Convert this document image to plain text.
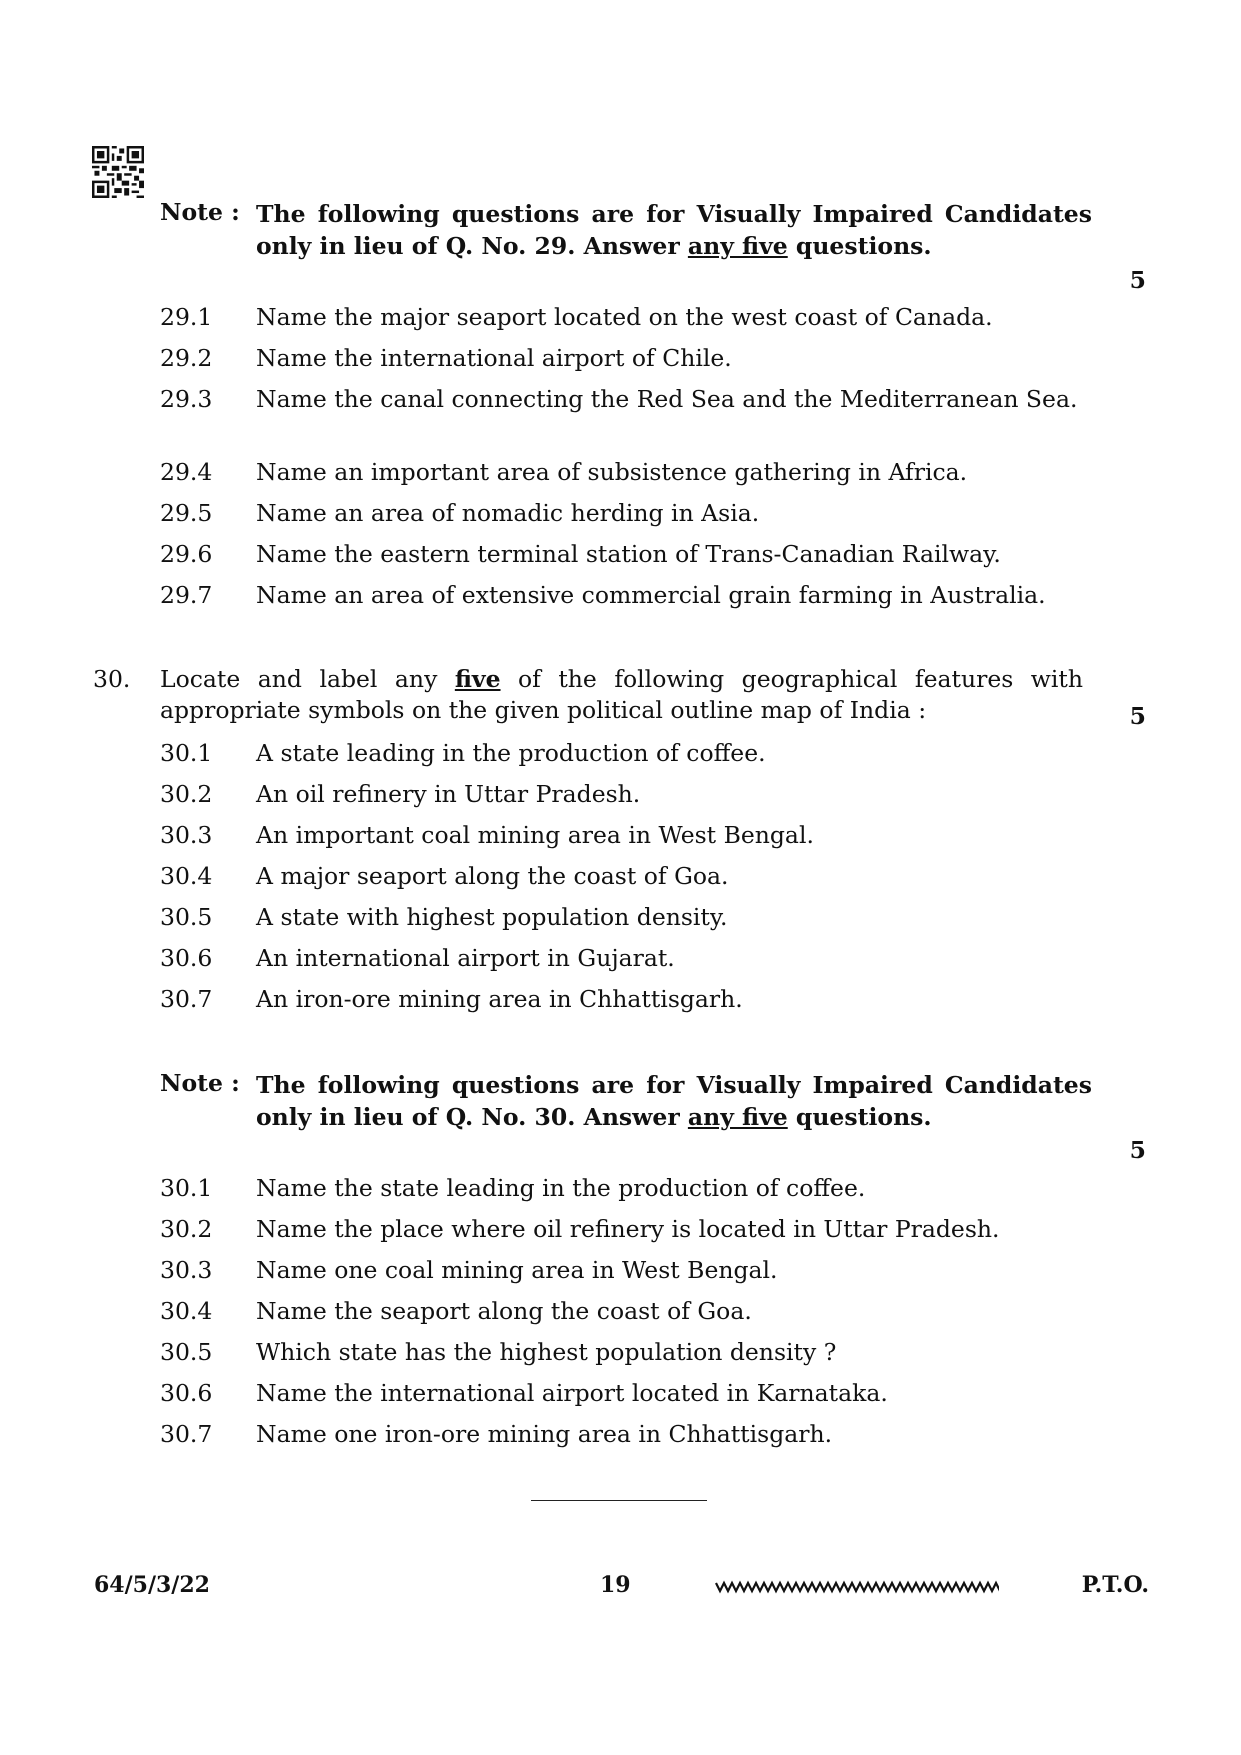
Note : The following questions are for Visually Impaired Candidates only in lieu of Q. No. 29. Answer any five questions.
5
29.1	Name the major seaport located on the west coast of Canada.
29.2	Name the international airport of Chile.
29.3	Name the canal connecting the Red Sea and the Mediterranean Sea.
29.4	Name an important area of subsistence gathering in Africa.
29.5	Name an area of nomadic herding in Asia.
29.6	Name the eastern terminal station of Trans-Canadian Railway.
29.7	Name an area of extensive commercial grain farming in Australia.
30. Locate and label any five of the following geographical features with appropriate symbols on the given political outline map of India :	5
30.1	A state leading in the production of coffee.
30.2	An oil refinery in Uttar Pradesh.
30.3	An important coal mining area in West Bengal.
30.4	A major seaport along the coast of Goa.
30.5	A state with highest population density.
30.6	An international airport in Gujarat.
30.7	An iron-ore mining area in Chhattisgarh.
Note : The following questions are for Visually Impaired Candidates only in lieu of Q. No. 30. Answer any five questions.
5
30.1	Name the state leading in the production of coffee.
30.2	Name the place where oil refinery is located in Uttar Pradesh.
30.3	Name one coal mining area in West Bengal.
30.4	Name the seaport along the coast of Goa.
30.5	Which state has the highest population density ?
30.6	Name the international airport located in Karnataka.
30.7	Name one iron-ore mining area in Chhattisgarh.
64/5/3/22	19	P.T.O.
